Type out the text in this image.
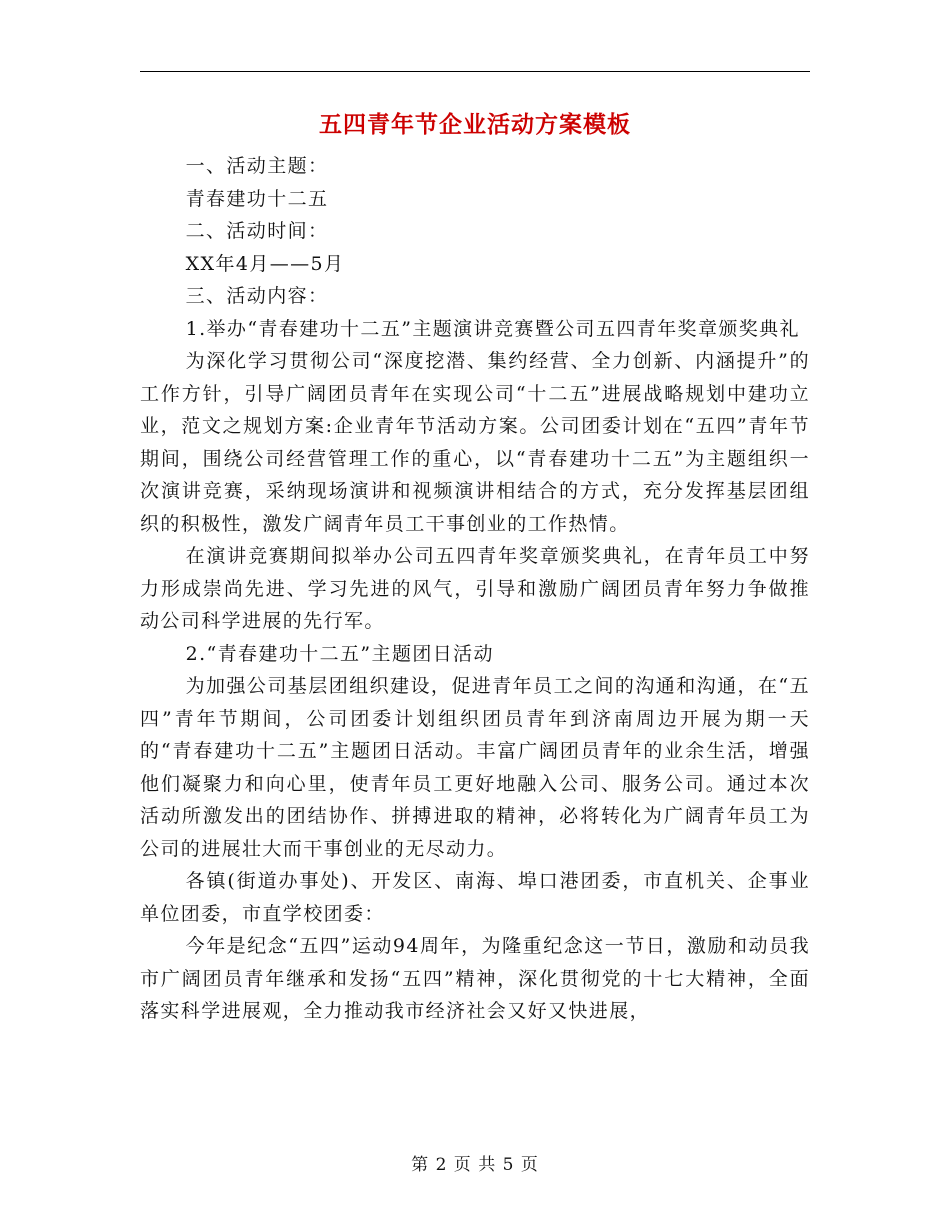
五四青年节企业活动方案模板

一、活动主题：

青春建功十二五

二、活动时间：

XX年4月——5月

三、活动内容：

1.举办“青春建功十二五”主题演讲竞赛暨公司五四青年奖章颁奖典礼

为深化学习贯彻公司“深度挖潜、集约经营、全力创新、内涵提升”的工作方针，引导广阔团员青年在实现公司“十二五”进展战略规划中建功立业，范文之规划方案:企业青年节活动方案。公司团委计划在“五四”青年节期间，围绕公司经营管理工作的重心，以“青春建功十二五”为主题组织一次演讲竞赛，采纳现场演讲和视频演讲相结合的方式，充分发挥基层团组织的积极性，激发广阔青年员工干事创业的工作热情。

在演讲竞赛期间拟举办公司五四青年奖章颁奖典礼，在青年员工中努力形成崇尚先进、学习先进的风气，引导和激励广阔团员青年努力争做推动公司科学进展的先行军。

2.“青春建功十二五”主题团日活动

为加强公司基层团组织建设，促进青年员工之间的沟通和沟通，在“五四”青年节期间，公司团委计划组织团员青年到济南周边开展为期一天的“青春建功十二五”主题团日活动。丰富广阔团员青年的业余生活，增强他们凝聚力和向心里，使青年员工更好地融入公司、服务公司。通过本次活动所激发出的团结协作、拼搏进取的精神，必将转化为广阔青年员工为公司的进展壮大而干事创业的无尽动力。

各镇(街道办事处)、开发区、南海、埠口港团委，市直机关、企事业单位团委，市直学校团委：

今年是纪念“五四”运动94周年，为隆重纪念这一节日，激励和动员我市广阔团员青年继承和发扬“五四”精神，深化贯彻党的十七大精神，全面落实科学进展观，全力推动我市经济社会又好又快进展，

第 2 页 共 5 页
